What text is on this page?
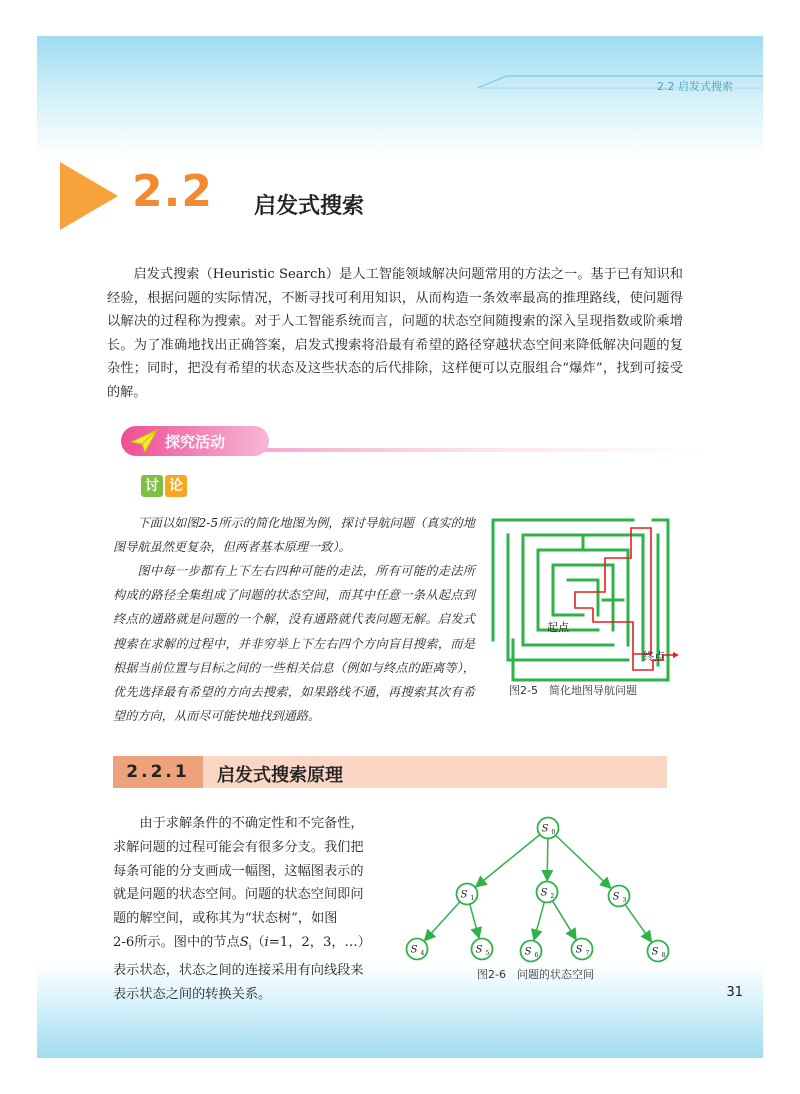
2.2 启发式搜索
31
2.2 启发式搜索

启发式搜索（Heuristic Search）是人工智能领域解决问题常用的方法之一。基于已有知识和经验，根据问题的实际情况，不断寻找可利用知识，从而构造一条效率最高的推理路线，使问题得以解决的过程称为搜索。对于人工智能系统而言，问题的状态空间随搜索的深入呈现指数或阶乘增长。为了准确地找出正确答案，启发式搜索将沿最有希望的路径穿越状态空间来降低解决问题的复杂性；同时，把没有希望的状态及这些状态的后代排除，这样便可以克服组合“爆炸”，找到可接受的解。

探究活动
讨 论

下面以如图2-5所示的简化地图为例，探讨导航问题（真实的地图导航虽然更复杂，但两者基本原理一致）。

图中每一步都有上下左右四种可能的走法，所有可能的走法所构成的路径全集组成了问题的状态空间，而其中任意一条从起点到终点的通路就是问题的一个解，没有通路就代表问题无解。启发式搜索在求解的过程中，并非穷举上下左右四个方向盲目搜索，而是根据当前位置与目标之间的一些相关信息（例如与终点的距离等），优先选择最有希望的方向去搜索，如果路线不通，再搜索其次有希望的方向，从而尽可能快地找到通路。

起点
终点
图2-5　简化地图导航问题
2.2.1	启发式搜索原理
由于求解条件的不确定性和不完备性，
求解问题的过程可能会有很多分支。我们把
每条可能的分支画成一幅图，这幅图表示的
就是问题的状态空间。问题的状态空间即问
题的解空间，或称其为“状态树”，如图
2-6所示。图中的节点$S_i(i=1$，2，3，…）
表示状态，状态之间的连接采用有向线段来
表示状态之间的转换关系。
S 0
S 1	S 2	S 3
S 4	S 5	S 6	S 7	S 8
图2-6　问题的状态空间
